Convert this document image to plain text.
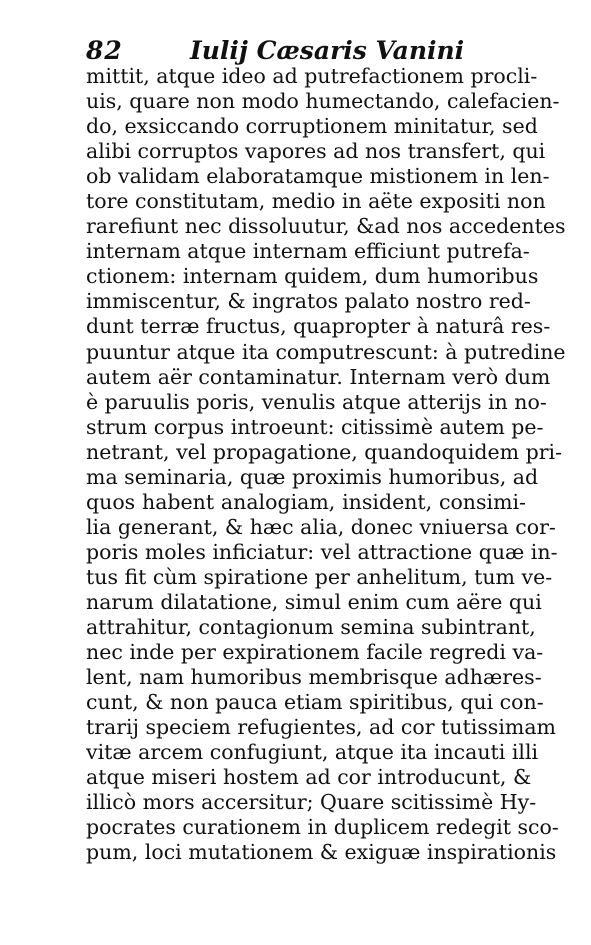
82	Iulij Cæsaris Vanini
mittit, atque ideo ad putrefactionem procli-
uis, quare non modo humectando, calefacien-
do, exsiccando corruptionem minitatur, sed
alibi corruptos vapores ad nos transfert, qui
ob validam elaboratamque mistionem in len-
tore constitutam, medio in aëte expositi non
rarefiunt nec dissoluutur, &ad nos accedentes
internam atque internam efficiunt putrefa-
ctionem: internam quidem, dum humoribus
immiscentur, & ingratos palato nostro red-
dunt terræ fructus, quapropter à naturâ res-
puuntur atque ita computrescunt: à putredine
autem aër contaminatur. Internam verò dum
è paruulis poris, venulis atque atterijs in no-
strum corpus introeunt: citissimè autem pe-
netrant, vel propagatione, quandoquidem pri-
ma seminaria, quæ proximis humoribus, ad
quos habent analogiam, insident, consimi-
lia generant, & hæc alia, donec vniuersa cor-
poris moles inficiatur: vel attractione quæ in-
tus fit cùm spiratione per anhelitum, tum ve-
narum dilatatione, simul enim cum aëre qui
attrahitur, contagionum semina subintrant,
nec inde per expirationem facile regredi va-
lent, nam humoribus membrisque adhæres-
cunt, & non pauca etiam spiritibus, qui con-
trarij speciem refugientes, ad cor tutissimam
vitæ arcem confugiunt, atque ita incauti illi
atque miseri hostem ad cor introducunt, &
illicò mors accersitur; Quare scitissimè Hy-
pocrates curationem in duplicem redegit sco-
pum, loci mutationem & exiguæ inspirationis
